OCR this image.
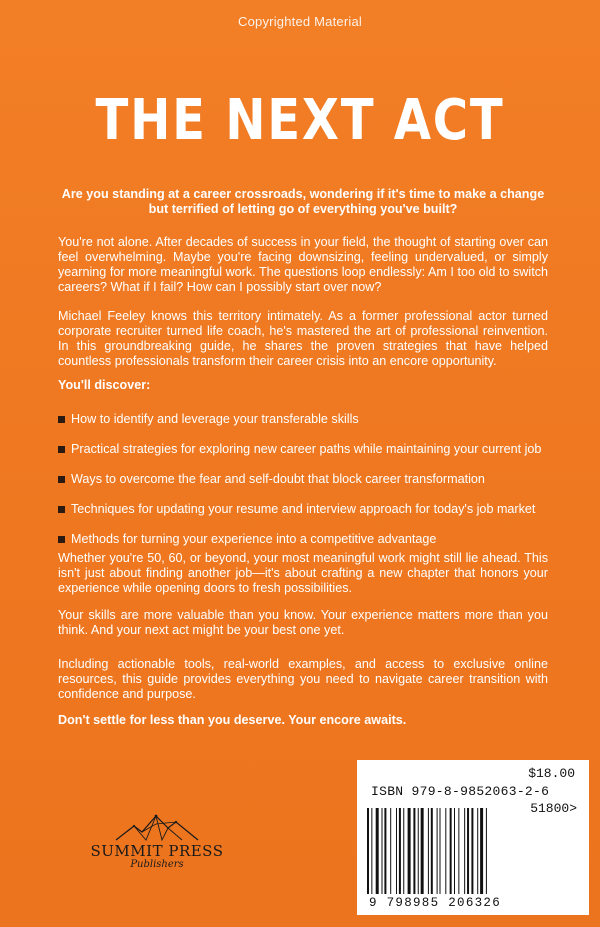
Copyrighted Material
THE NEXT ACT
Are you standing at a career crossroads, wondering if it's time to make a change but terrified of letting go of everything you've built?
You're not alone. After decades of success in your field, the thought of starting over can feel overwhelming. Maybe you're facing downsizing, feeling undervalued, or simply yearning for more meaningful work. The questions loop endlessly: Am I too old to switch careers? What if I fail? How can I possibly start over now?
Michael Feeley knows this territory intimately. As a former professional actor turned corporate recruiter turned life coach, he's mastered the art of professional reinvention. In this groundbreaking guide, he shares the proven strategies that have helped countless professionals transform their career crisis into an encore opportunity.
You'll discover:
How to identify and leverage your transferable skills
Practical strategies for exploring new career paths while maintaining your current job
Ways to overcome the fear and self-doubt that block career transformation
Techniques for updating your resume and interview approach for today's job market
Methods for turning your experience into a competitive advantage
Whether you're 50, 60, or beyond, your most meaningful work might still lie ahead. This isn't just about finding another job—it's about crafting a new chapter that honors your experience while opening doors to fresh possibilities.
Your skills are more valuable than you know. Your experience matters more than you think. And your next act might be your best one yet.
Including actionable tools, real-world examples, and access to exclusive online resources, this guide provides everything you need to navigate career transition with confidence and purpose.
Don't settle for less than you deserve. Your encore awaits.
SUMMIT PRESS
Publishers
$18.00
ISBN 979-8-9852063-2-6
51800>
9 798985 206326
